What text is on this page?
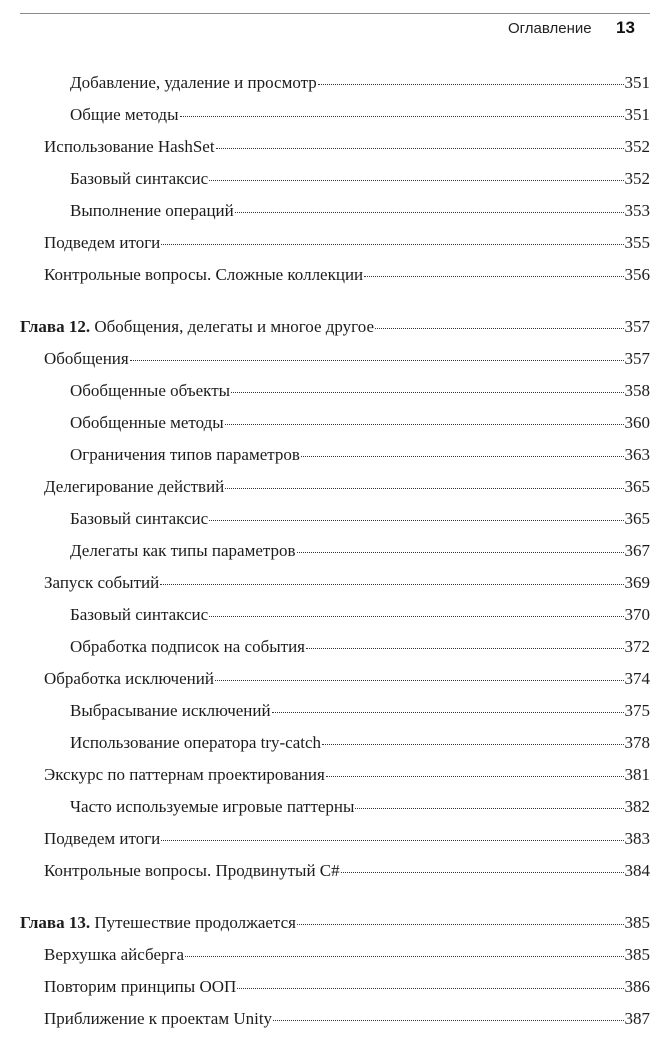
Оглавление 13
Добавление, удаление и просмотр	351
Общие методы	351
Использование HashSet	352
Базовый синтаксис	352
Выполнение операций	353
Подведем итоги	355
Контрольные вопросы. Сложные коллекции	356
Глава 12. Обобщения, делегаты и многое другое	357
Обобщения	357
Обобщенные объекты	358
Обобщенные методы	360
Ограничения типов параметров	363
Делегирование действий	365
Базовый синтаксис	365
Делегаты как типы параметров	367
Запуск событий	369
Базовый синтаксис	370
Обработка подписок на события	372
Обработка исключений	374
Выбрасывание исключений	375
Использование оператора try-catch	378
Экскурс по паттернам проектирования	381
Часто используемые игровые паттерны	382
Подведем итоги	383
Контрольные вопросы. Продвинутый C#	384
Глава 13. Путешествие продолжается	385
Верхушка айсберга	385
Повторим принципы ООП	386
Приближение к проектам Unity	387
